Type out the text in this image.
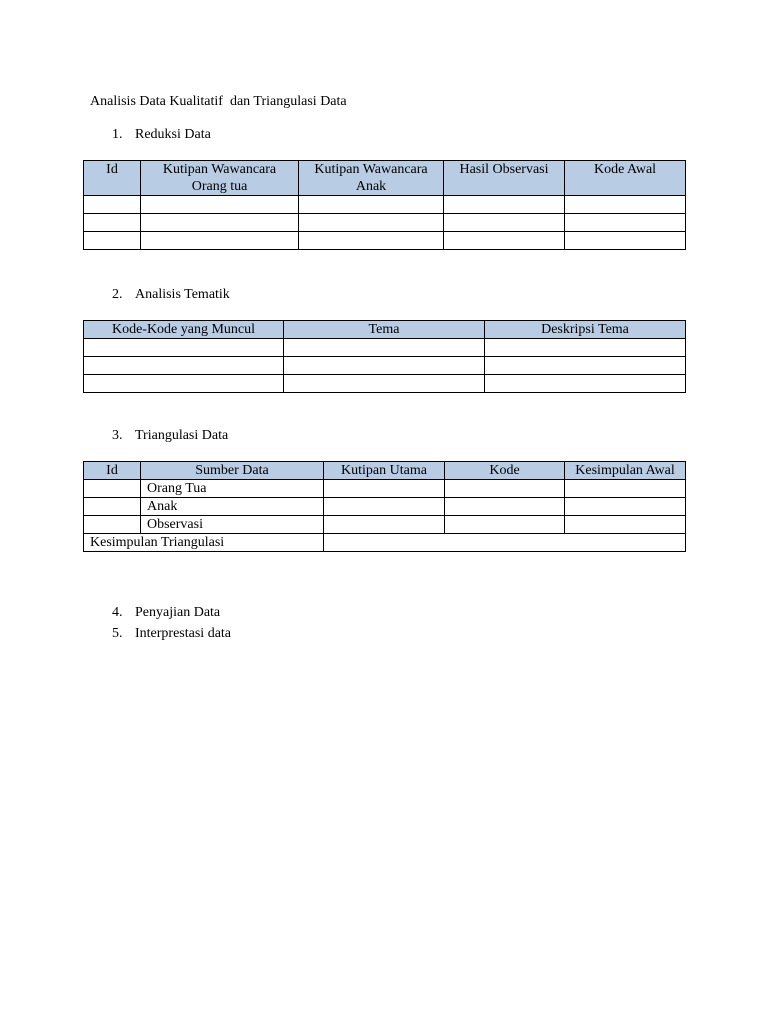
Analisis Data Kualitatif  dan Triangulasi Data
1. Reduksi Data
Id	Kutipan Wawancara Orang tua	Kutipan Wawancara Anak	Hasil Observasi	Kode Awal

2. Analisis Tematik
Kode-Kode yang Muncul	Tema	Deskripsi Tema

3. Triangulasi Data
Id	Sumber Data	Kutipan Utama	Kode	Kesimpulan Awal
	Orang Tua			
	Anak			
	Observasi			
Kesimpulan Triangulasi				
4. Penyajian Data
5. Interprestasi data
